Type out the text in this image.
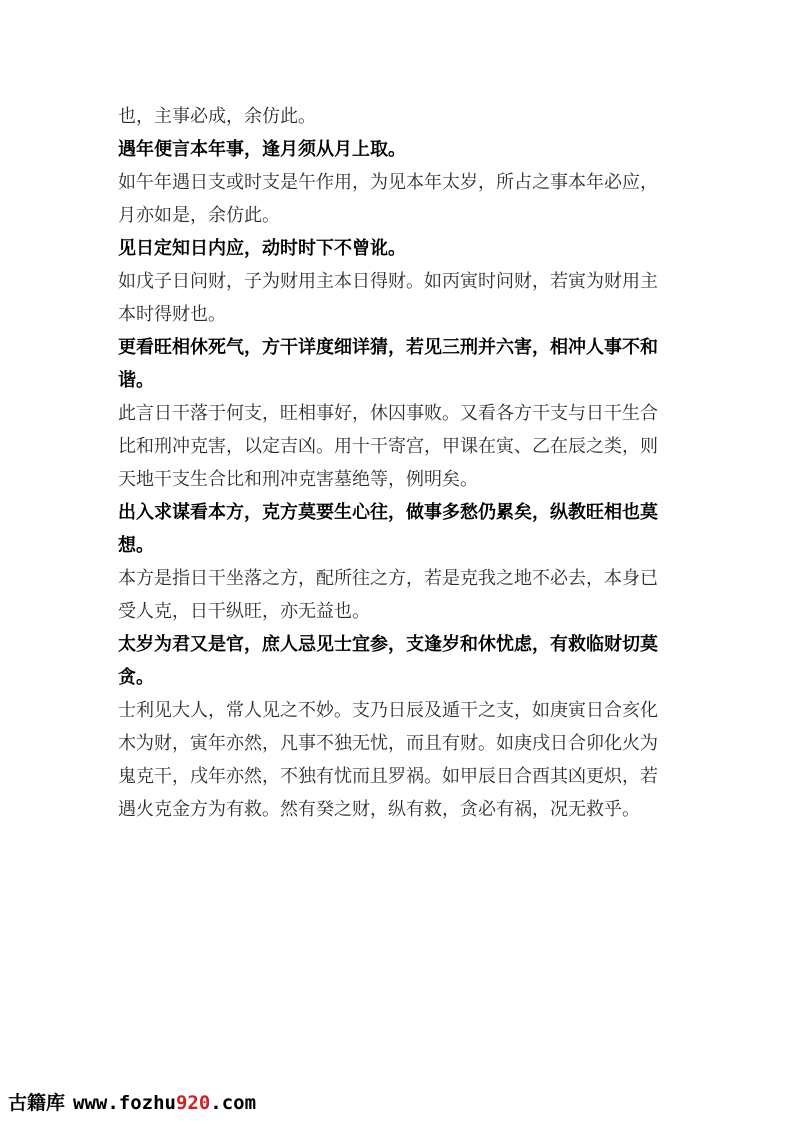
也，主事必成，余仿此。
遇年便言本年事，逢月须从月上取。
如午年遇日支或时支是午作用，为见本年太岁，所占之事本年必应，
月亦如是，余仿此。
见日定知日内应，动时时下不曾讹。
如戊子日问财，子为财用主本日得财。如丙寅时问财，若寅为财用主
本时得财也。
更看旺相休死气，方干详度细详猜，若见三刑并六害，相冲人事不和
谐。
此言日干落于何支，旺相事好，休囚事败。又看各方干支与日干生合
比和刑冲克害，以定吉凶。用十干寄宫，甲课在寅、乙在辰之类，则
天地干支生合比和刑冲克害墓绝等，例明矣。
出入求谋看本方，克方莫要生心往，做事多愁仍累矣，纵教旺相也莫
想。
本方是指日干坐落之方，配所往之方，若是克我之地不必去，本身已
受人克，日干纵旺，亦无益也。
太岁为君又是官，庶人忌见士宜参，支逢岁和休忧虑，有救临财切莫
贪。
士利见大人，常人见之不妙。支乃日辰及遁干之支，如庚寅日合亥化
木为财，寅年亦然，凡事不独无忧，而且有财。如庚戌日合卯化火为
鬼克干，戌年亦然，不独有忧而且罗祸。如甲辰日合酉其凶更炽，若
遇火克金方为有救。然有癸之财，纵有救，贪必有祸，况无救乎。
古籍库 www.fozhu920.com
